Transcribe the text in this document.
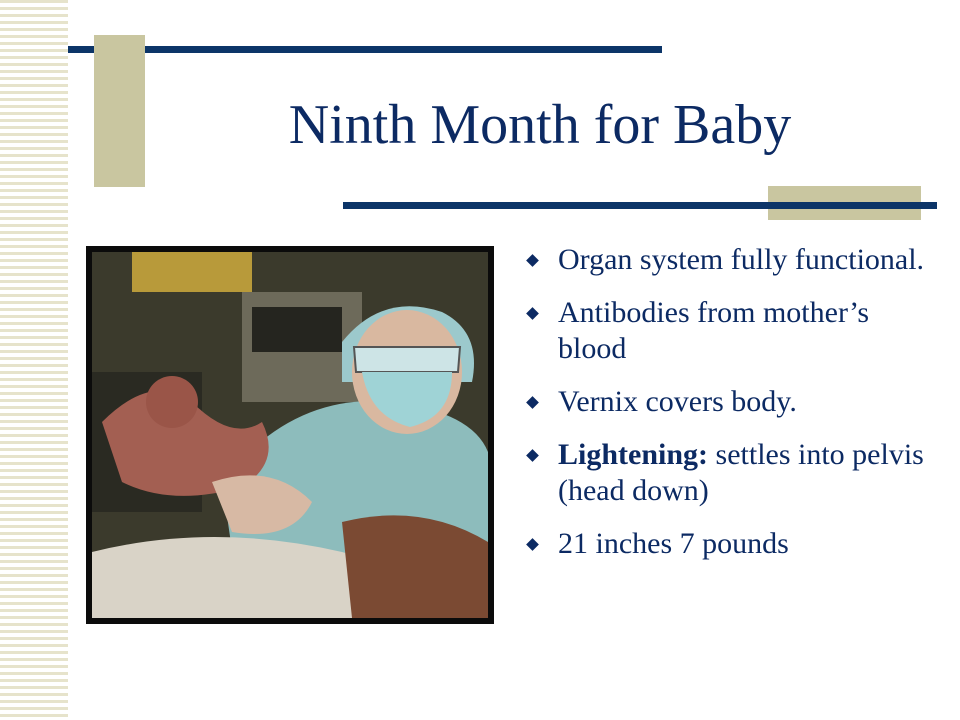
Ninth Month for Baby
Organ system fully functional.
Antibodies from mother’s blood
Vernix covers body.
Lightening: settles into pelvis (head down)
21 inches 7 pounds
